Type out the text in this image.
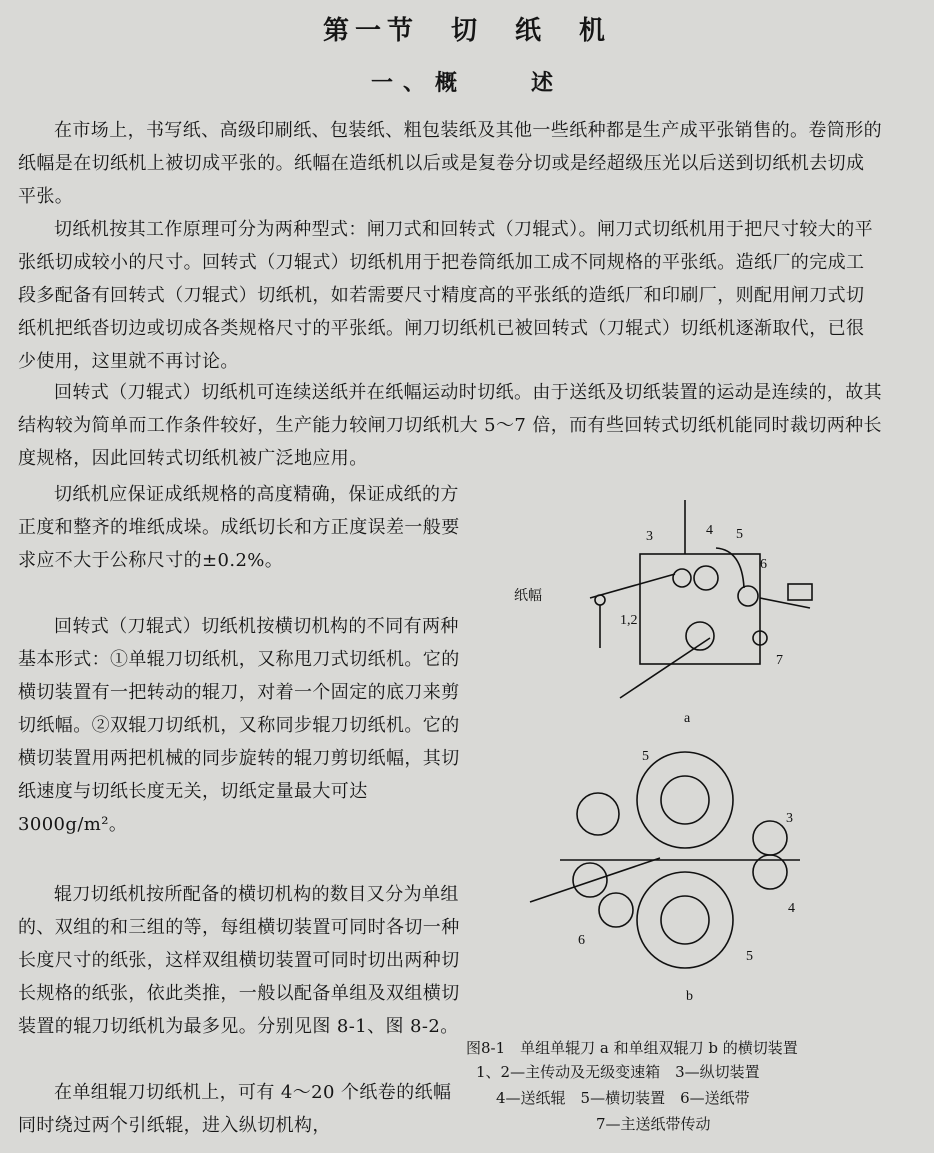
第一节　切　纸　机
一、概　　述
在市场上，书写纸、高级印刷纸、包装纸、粗包装纸及其他一些纸种都是生产成平张销售的。卷筒形的纸幅是在切纸机上被切成平张的。纸幅在造纸机以后或是复卷分切或是经超级压光以后送到切纸机去切成平张。
切纸机按其工作原理可分为两种型式：闸刀式和回转式（刀辊式）。闸刀式切纸机用于把尺寸较大的平张纸切成较小的尺寸。回转式（刀辊式）切纸机用于把卷筒纸加工成不同规格的平张纸。造纸厂的完成工段多配备有回转式（刀辊式）切纸机，如若需要尺寸精度高的平张纸的造纸厂和印刷厂，则配用闸刀式切纸机把纸沓切边或切成各类规格尺寸的平张纸。闸刀切纸机已被回转式（刀辊式）切纸机逐渐取代，已很少使用，这里就不再讨论。
回转式（刀辊式）切纸机可连续送纸并在纸幅运动时切纸。由于送纸及切纸装置的运动是连续的，故其结构较为简单而工作条件较好，生产能力较闸刀切纸机大 5～7 倍，而有些回转式切纸机能同时裁切两种长度规格，因此回转式切纸机被广泛地应用。
切纸机应保证成纸规格的高度精确，保证成纸的方正度和整齐的堆纸成垛。成纸切长和方正度误差一般要求应不大于公称尺寸的±0.2%。
回转式（刀辊式）切纸机按横切机构的不同有两种基本形式：①单辊刀切纸机，又称甩刀式切纸机。它的横切装置有一把转动的辊刀，对着一个固定的底刀来剪切纸幅。②双辊刀切纸机，又称同步辊刀切纸机。它的横切装置用两把机械的同步旋转的辊刀剪切纸幅，其切纸速度与切纸长度无关，切纸定量最大可达3000g/m²。
辊刀切纸机按所配备的横切机构的数目又分为单组的、双组的和三组的等，每组横切装置可同时各切一种长度尺寸的纸张，这样双组横切装置可同时切出两种切长规格的纸张，依此类推，一般以配备单组及双组横切装置的辊刀切纸机为最多见。分别见图 8-1、图 8-2。
在单组辊刀切纸机上，可有 4～20 个纸卷的纸幅同时绕过两个引纸辊，进入纵切机构，
纸幅
1,2
3	4 5
6
7
a
5
3
4
6
5
b
图8-1　单组单辊刀 a 和单组双辊刀 b 的横切装置
1、2—主传动及无级变速箱　3—纵切装置
4—送纸辊　5—横切装置　6—送纸带
7—主送纸带传动
